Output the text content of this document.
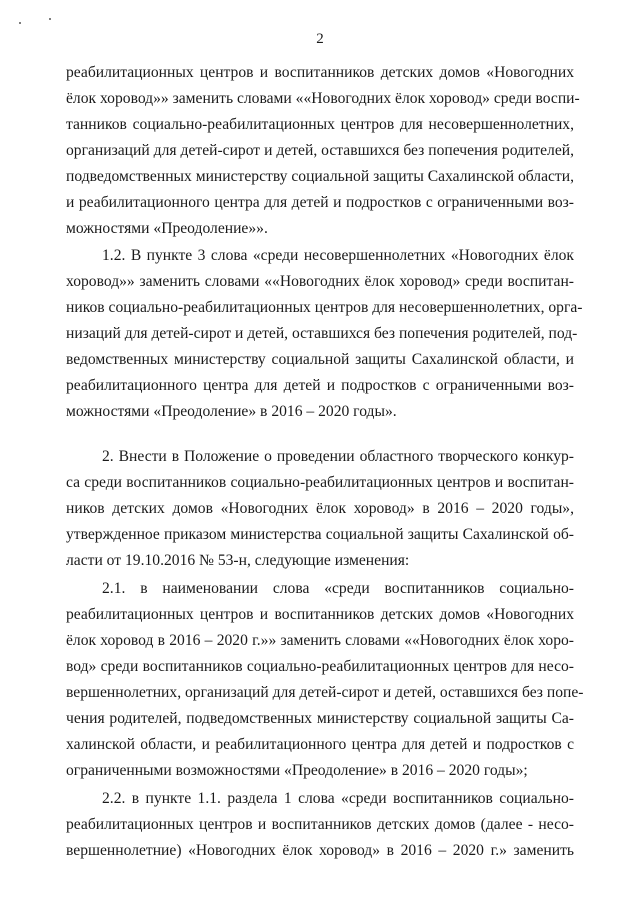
2
реабилитационных центров и воспитанников детских домов «Новогодних
ёлок хоровод»» заменить словами ««Новогодних ёлок хоровод» среди воспи-
танников социально-реабилитационных центров для несовершеннолетних,
организаций для детей-сирот и детей, оставшихся без попечения родителей,
подведомственных министерству социальной защиты Сахалинской области,
и реабилитационного центра для детей и подростков с ограниченными воз-
можностями «Преодоление»».
1.2. В пункте 3 слова «среди несовершеннолетних «Новогодних ёлок
хоровод»» заменить словами ««Новогодних ёлок хоровод» среди воспитан-
ников социально-реабилитационных центров для несовершеннолетних, орга-
низаций для детей-сирот и детей, оставшихся без попечения родителей, под-
ведомственных министерству социальной защиты Сахалинской области, и
реабилитационного центра для детей и подростков с ограниченными воз-
можностями «Преодоление» в 2016 – 2020 годы».
2. Внести в Положение о проведении областного творческого конкур-
са среди воспитанников социально-реабилитационных центров и воспитан-
ников детских домов «Новогодних ёлок хоровод» в 2016 – 2020 годы»,
утвержденное приказом министерства социальной защиты Сахалинской об-
ласти от 19.10.2016 № 53-н, следующие изменения:
2.1. в наименовании слова «среди воспитанников социально-
реабилитационных центров и воспитанников детских домов «Новогодних
ёлок хоровод в 2016 – 2020 г.»» заменить словами ««Новогодних ёлок хоро-
вод» среди воспитанников социально-реабилитационных центров для несо-
вершеннолетних, организаций для детей-сирот и детей, оставшихся без попе-
чения родителей, подведомственных министерству социальной защиты Са-
халинской области, и реабилитационного центра для детей и подростков с
ограниченными возможностями «Преодоление» в 2016 – 2020 годы»;
2.2. в пункте 1.1. раздела 1 слова «среди воспитанников социально-
реабилитационных центров и воспитанников детских домов (далее - несо-
вершеннолетние) «Новогодних ёлок хоровод» в 2016 – 2020 г.» заменить
